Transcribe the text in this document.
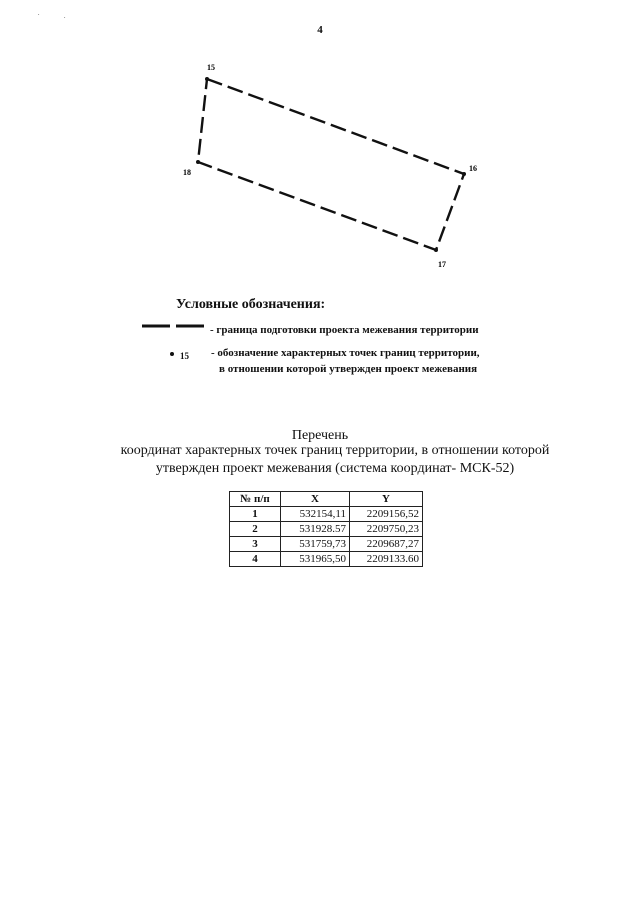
4
15
16
17
18
.	.
Условные обозначения:
- граница подготовки проекта межевания территории
15 - обозначение характерных точек границ территории,
в отношении которой утвержден проект межевания
Перечень
координат характерных точек границ территории, в отношении которой
утвержден проект межевания (система координат- МСК-52)
№ п/п	X	Y
1	532154,11	2209156,52
2	531928.57	2209750,23
3	531759,73	2209687,27
4	531965,50	2209133.60
